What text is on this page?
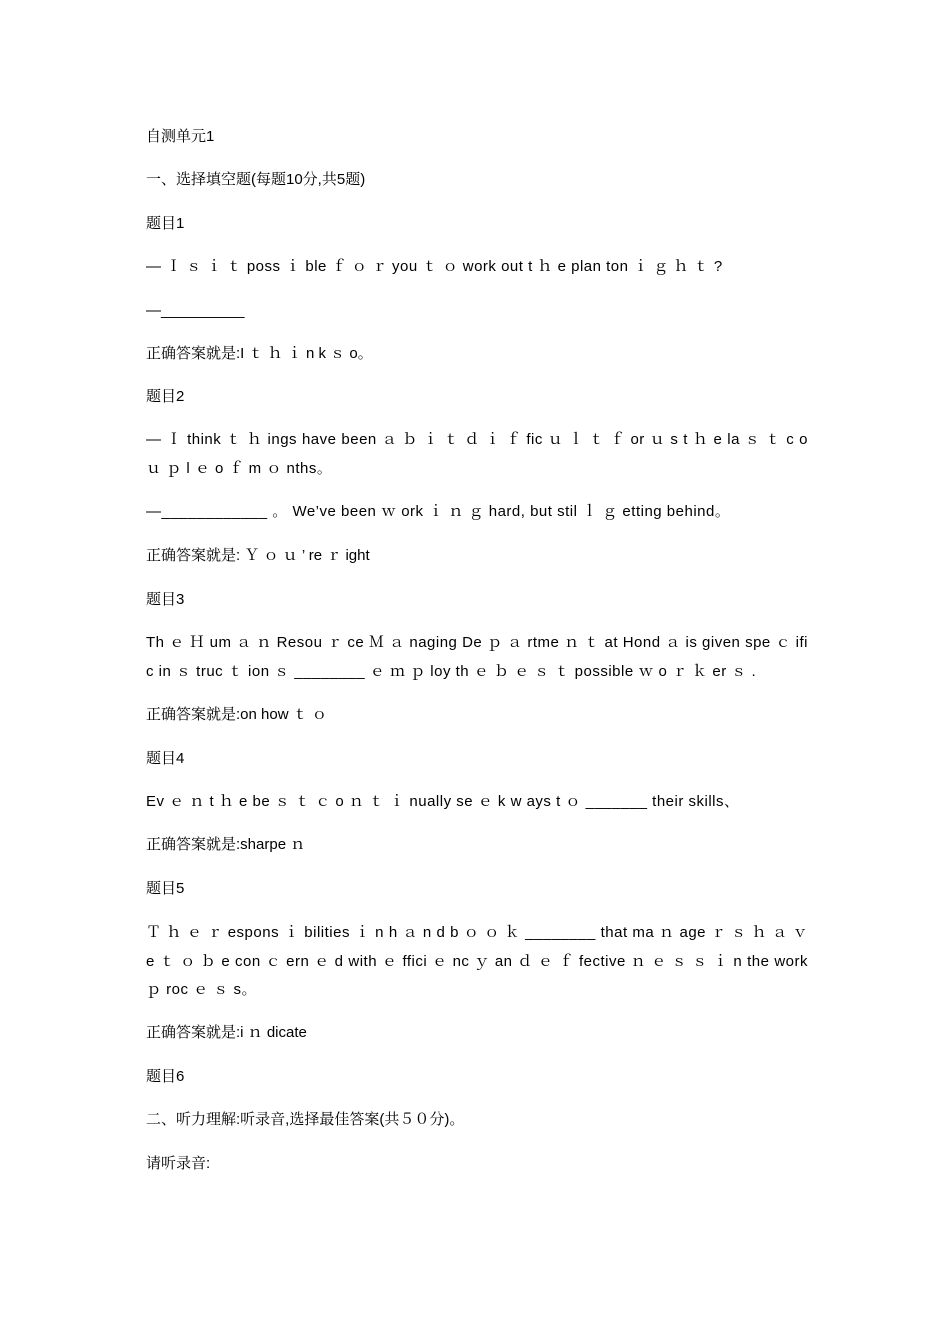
自测单元1

一、选择填空题(每题10分,共5题)

题目1

— Ｉ ｓ ｉ ｔ poss ｉ ble ｆ ｏ ｒ you ｔ ｏ work out t ｈ e plan ton ｉ ｇ ｈ ｔ ?

—__________

正确答案就是:I ｔ ｈ ｉ n k ｓ o。

题目2

— Ｉ think ｔ ｈ ings have been ａ ｂ ｉ ｔ ｄ ｉ ｆ fic ｕ ｌ ｔ ｆ or ｕ s t ｈ e la ｓ ｔ c o ｕ ｐ l ｅ o ｆ m ｏ nths。

—____________ 。 We’ve been ｗ ork ｉ ｎ ｇ hard, but stil ｌ ｇ etting behind。

正确答案就是: Ｙ ｏ ｕ ’ re ｒ ight

题目3

Th ｅ Ｈ um ａ ｎ Resou ｒ ce Ｍ ａ naging De ｐ ａ rtme ｎ ｔ at Hond ａ is given spe ｃ ific in ｓ truc ｔ ion ｓ ________ ｅ ｍ ｐ loy th ｅ ｂ ｅ ｓ ｔ possible ｗ o ｒ ｋ er ｓ .

正确答案就是:on how ｔ ｏ

题目4

Ev ｅ ｎ t ｈ e be ｓ ｔ ｃ o ｎ ｔ ｉ nually se ｅ k w ays t ｏ _______ their skills、

正确答案就是:sharpe ｎ

题目5

Ｔ ｈ ｅ ｒ espons ｉ bilities ｉ n h ａ n d b ｏ ｏ ｋ ________ that ma ｎ age ｒ ｓ ｈ ａ ｖ e ｔ ｏ ｂ e con ｃ ern ｅ d with ｅ ffici ｅ nc ｙ an ｄ ｅ ｆ fective ｎ ｅ ｓ ｓ ｉ n the work ｐ roc ｅ ｓ s。

正确答案就是:i ｎ dicate

题目6

二、听力理解:听录音,选择最佳答案(共５０分)。

请听录音:
